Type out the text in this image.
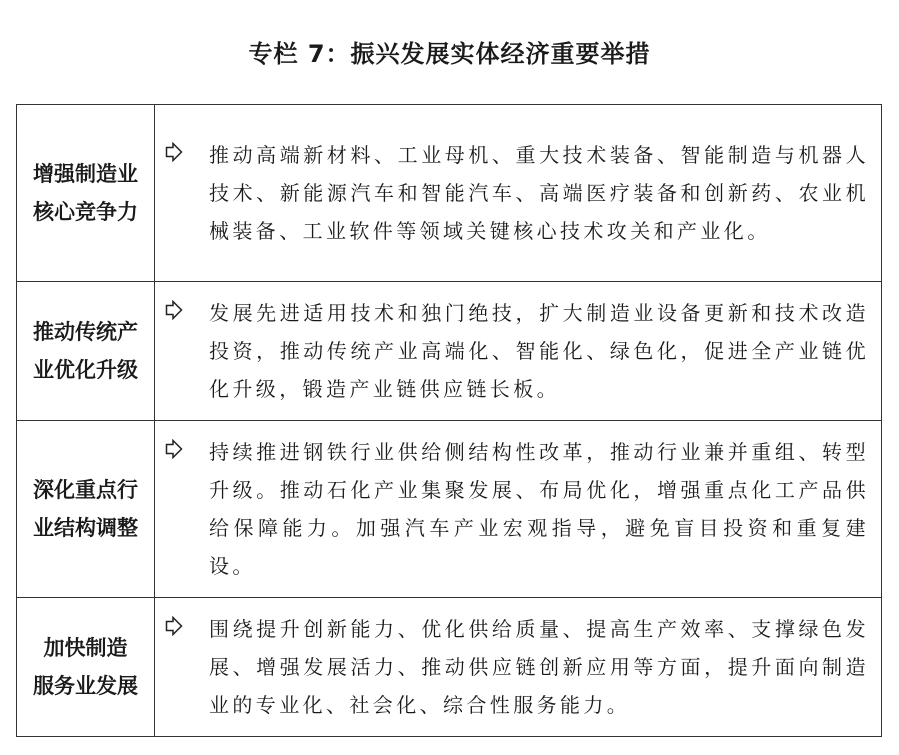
专栏 7：振兴发展实体经济重要举措
增强制造业
核心竞争力	推动高端新材料、工业母机、重大技术装备、智能制造与机器人技术、新能源汽车和智能汽车、高端医疗装备和创新药、农业机械装备、工业软件等领域关键核心技术攻关和产业化。

推动传统产
业优化升级	发展先进适用技术和独门绝技，扩大制造业设备更新和技术改造投资，推动传统产业高端化、智能化、绿色化，促进全产业链优化升级，锻造产业链供应链长板。

深化重点行
业结构调整	持续推进钢铁行业供给侧结构性改革，推动行业兼并重组、转型升级。推动石化产业集聚发展、布局优化，增强重点化工产品供给保障能力。加强汽车产业宏观指导，避免盲目投资和重复建设。

加快制造
服务业发展	围绕提升创新能力、优化供给质量、提高生产效率、支撑绿色发展、增强发展活力、推动供应链创新应用等方面，提升面向制造业的专业化、社会化、综合性服务能力。
